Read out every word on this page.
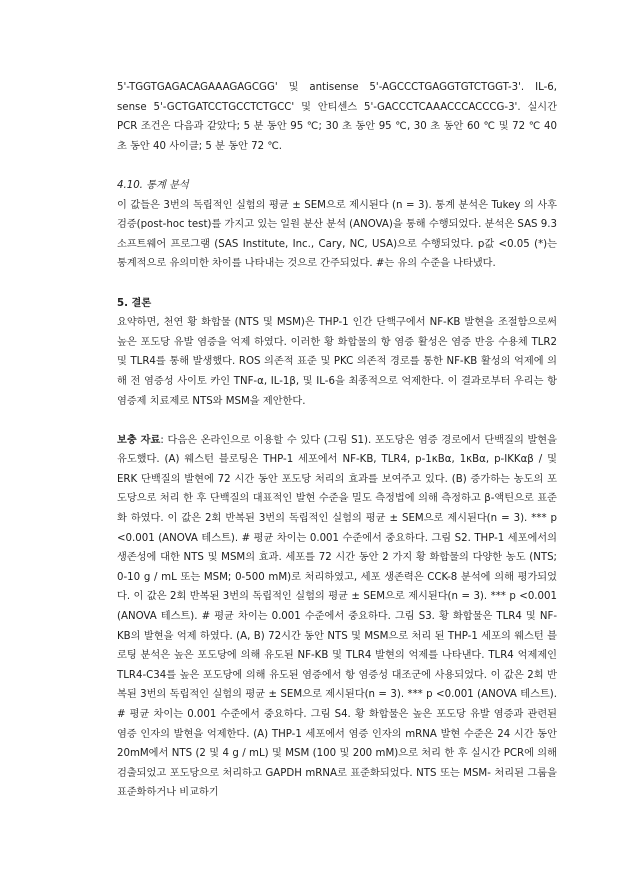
5'-TGGTGAGACAGAAAGAGCGG' 및 antisense 5'-AGCCCTGAGGTGTCTGGT-3'. IL-6, sense 5'-GCTGATCCTGCCTCTGCC' 및 안티센스 5'-GACCCTCAAACCCACCCG-3'. 실시간 PCR 조건은 다음과 같았다; 5 분 동안 95 ℃; 30 초 동안 95 ℃, 30 초 동안 60 ℃ 및 72 ℃ 40 초 동안 40 사이클; 5 분 동안 72 ℃.

4.10. 통계 분석

이 값들은 3번의 독립적인 실험의 평균 ± SEM으로 제시된다 (n = 3). 통계 분석은 Tukey 의 사후 검증(post-hoc test)를 가지고 있는 일원 분산 분석 (ANOVA)을 통해 수행되었다. 분석은 SAS 9.3 소프트웨어 프로그램 (SAS Institute, Inc., Cary, NC, USA)으로 수행되었다. p값 <0.05 (*)는 통계적으로 유의미한 차이를 나타내는 것으로 간주되었다. #는 유의 수준을 나타냈다.

5. 결론

요약하면, 천연 황 화합물 (NTS 및 MSM)은 THP-1 인간 단핵구에서 NF-KB 발현을 조절함으로써 높은 포도당 유발 염증을 억제 하였다. 이러한 황 화합물의 항 염증 활성은 염증 반응 수용체 TLR2 및 TLR4를 통해 발생했다. ROS 의존적 표준 및 PKC 의존적 경로를 통한 NF-KB 활성의 억제에 의해 전 염증성 사이토 카인 TNF-α, IL-1β, 및 IL-6을 최종적으로 억제한다. 이 결과로부터 우리는 항염증제 치료제로 NTS와 MSM을 제안한다.

보충 자료: 다음은 온라인으로 이용할 수 있다 (그림 S1). 포도당은 염증 경로에서 단백질의 발현을 유도했다. (A) 웨스턴 블로팅은 THP-1 세포에서 NF-KB, TLR4, p-1κBα, 1κBα, p-IKKαβ / 및 ERK 단백질의 발현에 72 시간 동안 포도당 처리의 효과를 보여주고 있다. (B) 증가하는 농도의 포도당으로 처리 한 후 단백질의 대표적인 발현 수준을 밀도 측정법에 의해 측정하고 β-액틴으로 표준화 하였다. 이 값은 2회 반복된 3번의 독립적인 실험의 평균 ± SEM으로 제시된다(n = 3). *** p <0.001 (ANOVA 테스트). # 평균 차이는 0.001 수준에서 중요하다. 그림 S2. THP-1 세포에서의 생존성에 대한 NTS 및 MSM의 효과. 세포를 72 시간 동안 2 가지 황 화합물의 다양한 농도 (NTS; 0-10 g / mL 또는 MSM; 0-500 mM)로 처리하였고, 세포 생존력은 CCK-8 분석에 의해 평가되었다. 이 값은 2회 반복된 3번의 독립적인 실험의 평균 ± SEM으로 제시된다(n = 3). *** p <0.001 (ANOVA 테스트). # 평균 차이는 0.001 수준에서 중요하다. 그림 S3. 황 화합물은 TLR4 및 NF-KB의 발현을 억제 하였다. (A, B) 72시간 동안 NTS 및 MSM으로 처리 된 THP-1 세포의 웨스턴 블로팅 분석은 높은 포도당에 의해 유도된 NF-KB 및 TLR4 발현의 억제를 나타낸다. TLR4 억제제인 TLR4-C34를 높은 포도당에 의해 유도된 염증에서 항 염증성 대조군에 사용되었다. 이 값은 2회 반복된 3번의 독립적인 실험의 평균 ± SEM으로 제시된다(n = 3). *** p <0.001 (ANOVA 테스트). # 평균 차이는 0.001 수준에서 중요하다. 그림 S4. 황 화합물은 높은 포도당 유발 염증과 관련된 염증 인자의 발현을 억제한다. (A) THP-1 세포에서 염증 인자의 mRNA 발현 수준은 24 시간 동안 20mM에서 NTS (2 및 4 g / mL) 및 MSM (100 및 200 mM)으로 처리 한 후 실시간 PCR에 의해 검출되었고 포도당으로 처리하고 GAPDH mRNA로 표준화되었다. NTS 또는 MSM- 처리된 그룹을 표준화하거나 비교하기
